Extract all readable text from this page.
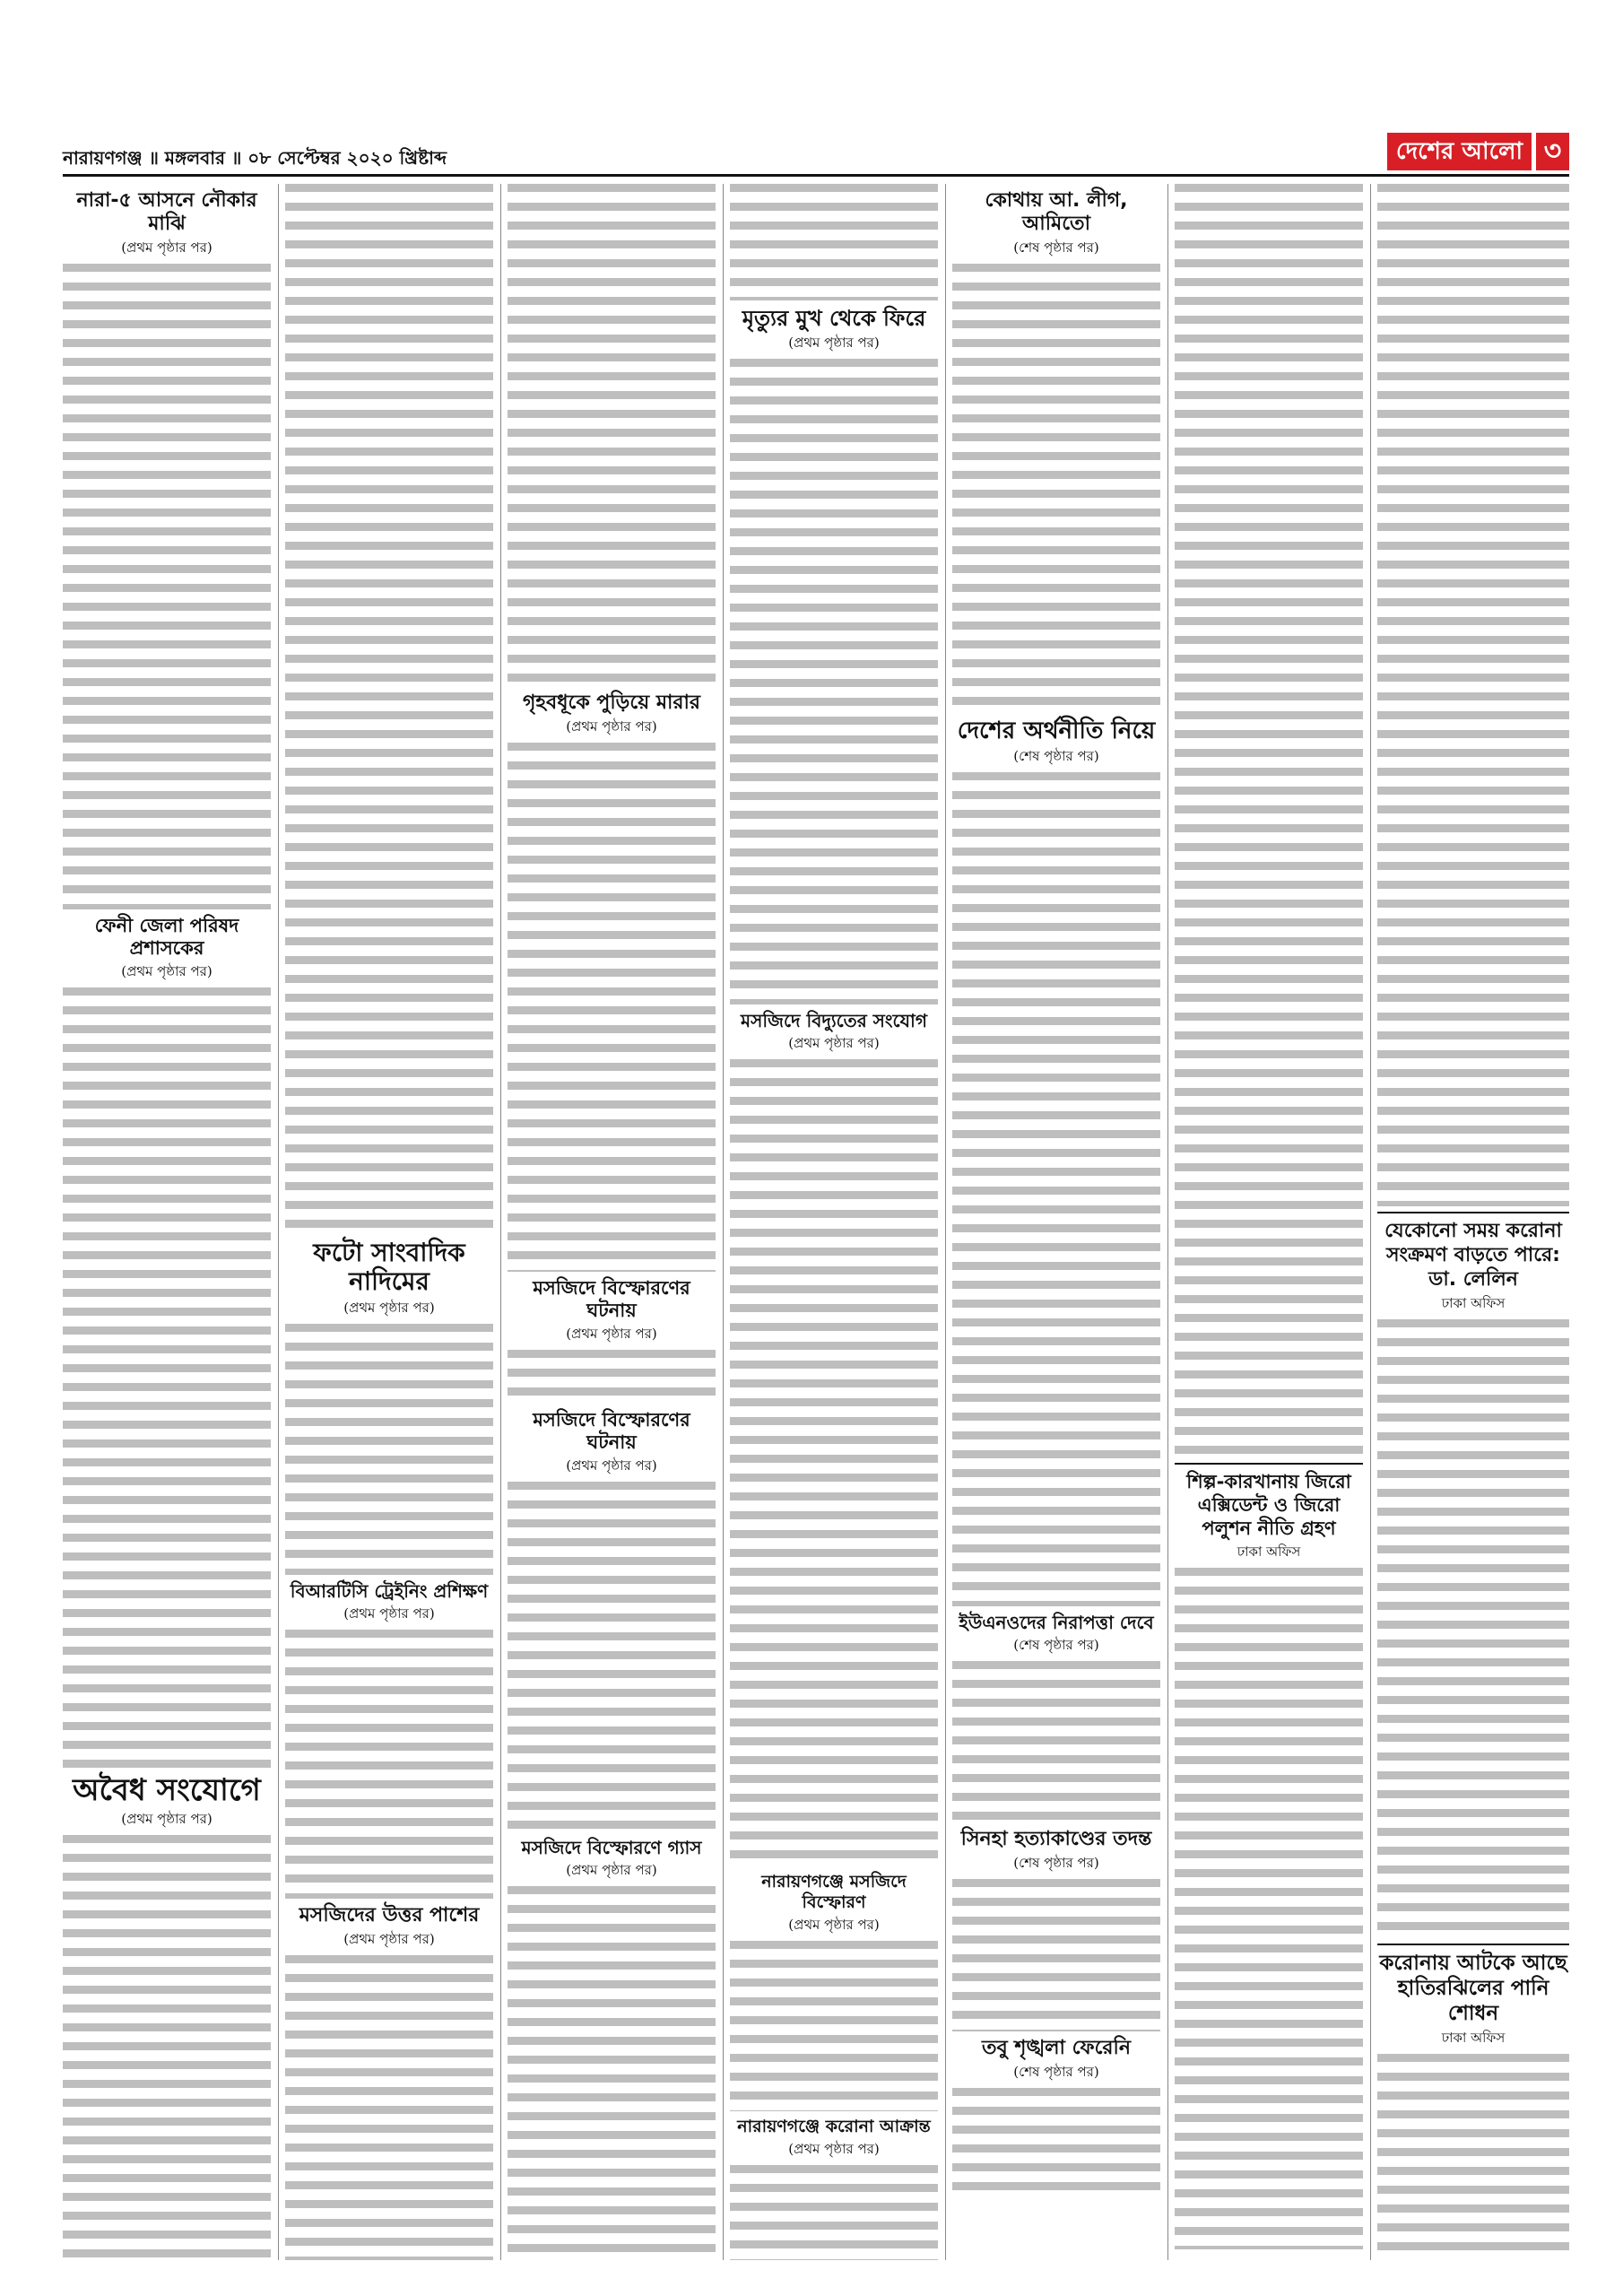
নারায়ণগঞ্জ ॥ মঙ্গলবার ॥ ০৮ সেপ্টেম্বর ২০২০ খ্রিষ্টাব্দ	দেশের আলো ৩
নারা-৫ আসনে নৌকার মাঝি
(প্রথম পৃষ্ঠার পর)
ফেনী জেলা পরিষদ প্রশাসকের
(প্রথম পৃষ্ঠার পর)
অবৈধ সংযোগে
(প্রথম পৃষ্ঠার পর)
ফটো সাংবাদিক নাদিমের
(প্রথম পৃষ্ঠার পর)
বিআরটিসি ট্রেইনিং প্রশিক্ষণ
(প্রথম পৃষ্ঠার পর)
মসজিদের উত্তর পাশের
(প্রথম পৃষ্ঠার পর)
গৃহবধূকে পুড়িয়ে মারার
(প্রথম পৃষ্ঠার পর)
মসজিদে বিস্ফোরণের ঘটনায়
(প্রথম পৃষ্ঠার পর)
মসজিদে বিস্ফোরণের ঘটনায়
(প্রথম পৃষ্ঠার পর)
মসজিদে বিস্ফোরণে গ্যাস
(প্রথম পৃষ্ঠার পর)
মৃত্যুর মুখ থেকে ফিরে
(প্রথম পৃষ্ঠার পর)
মসজিদে বিদ্যুতের সংযোগ
(প্রথম পৃষ্ঠার পর)
নারায়ণগঞ্জে মসজিদে বিস্ফোরণ
(প্রথম পৃষ্ঠার পর)
নারায়ণগঞ্জে করোনা আক্রান্ত
(প্রথম পৃষ্ঠার পর)
কোথায় আ. লীগ, আমিতো
(শেষ পৃষ্ঠার পর)
দেশের অর্থনীতি নিয়ে
(শেষ পৃষ্ঠার পর)
ইউএনওদের নিরাপত্তা দেবে
(শেষ পৃষ্ঠার পর)
সিনহা হত্যাকাণ্ডের তদন্ত
(শেষ পৃষ্ঠার পর)
তবু শৃঙ্খলা ফেরেনি
(শেষ পৃষ্ঠার পর)
শিল্প-কারখানায় জিরো এক্সিডেন্ট ও জিরো পলুশন নীতি গ্রহণ
ঢাকা অফিস
যেকোনো সময় করোনা সংক্রমণ বাড়তে পারে: ডা. লেলিন
ঢাকা অফিস
করোনায় আটকে আছে হাতিরঝিলের পানি শোধন
ঢাকা অফিস
